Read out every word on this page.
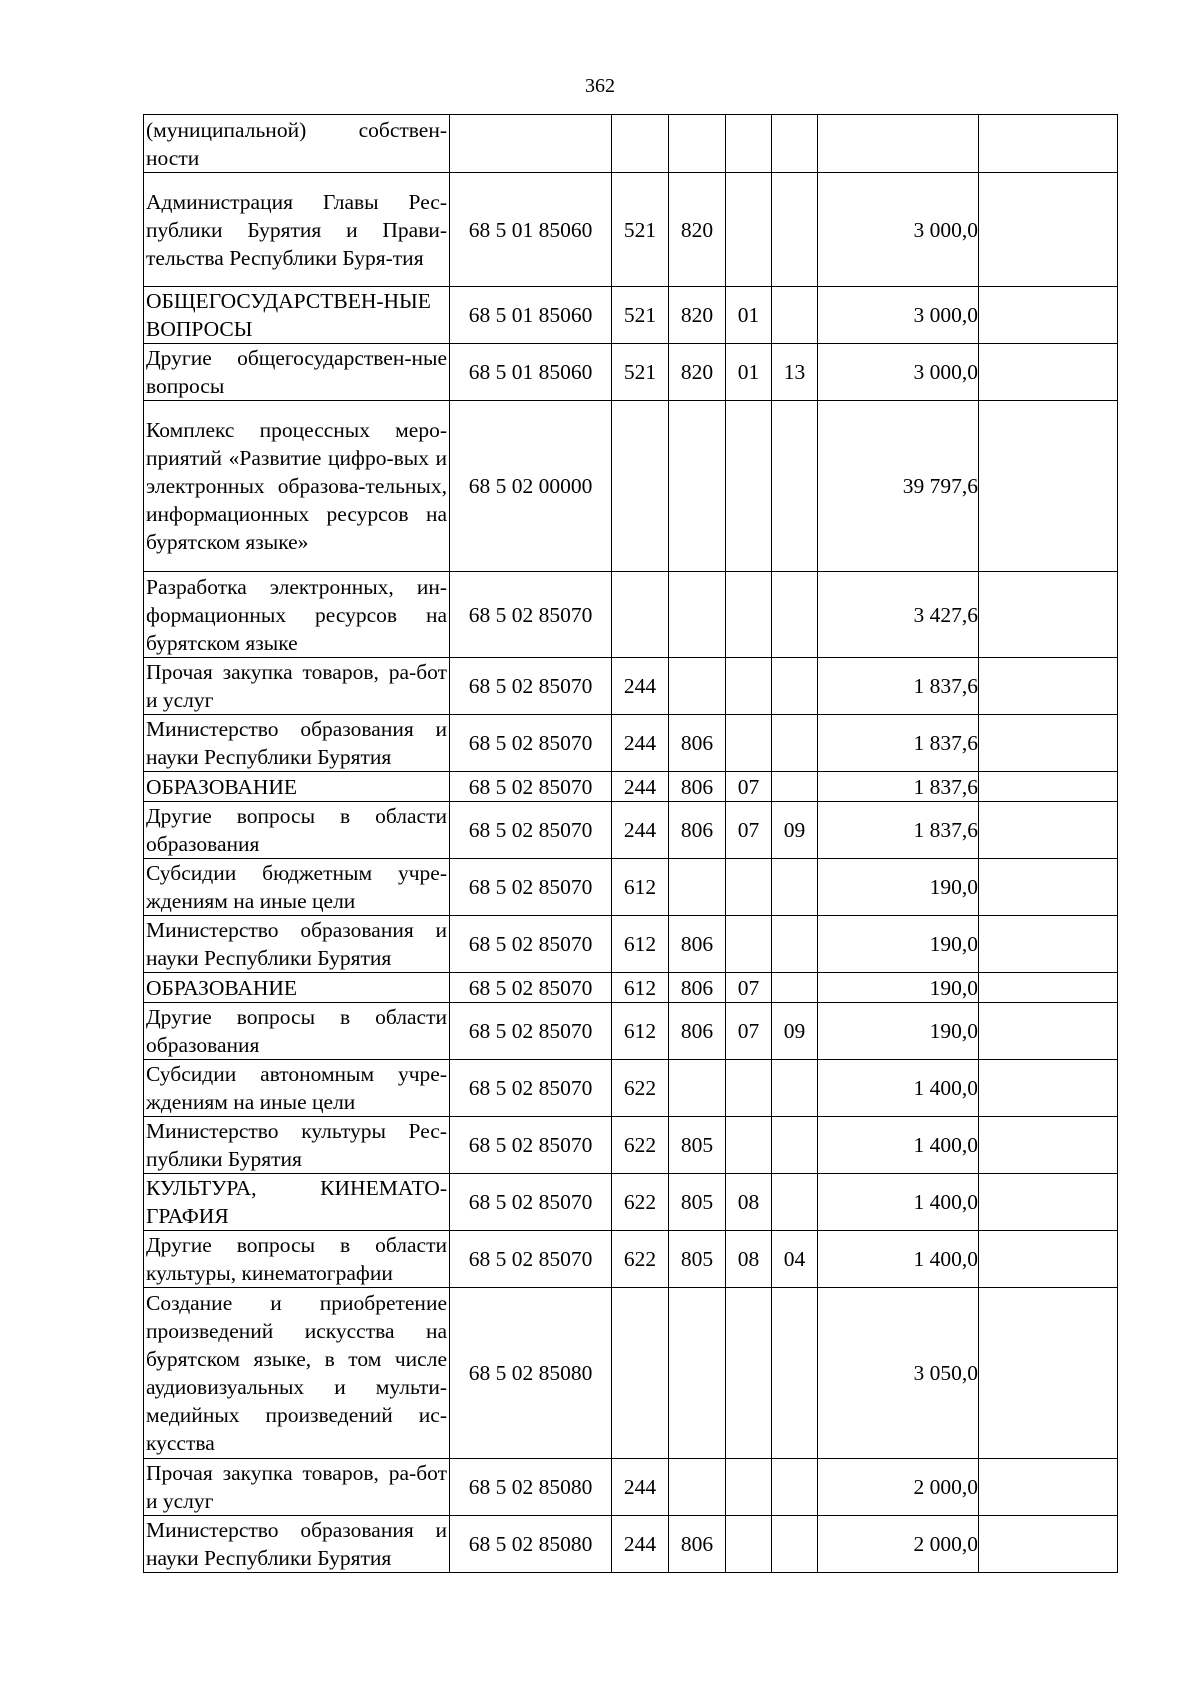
362
(муниципальной) собствен-ности							
Администрация Главы Рес-публики Бурятия и Прави-тельства Республики Буря-тия	68 5 01 85060	521	820			3 000,0	
ОБЩЕГОСУДАРСТВЕН-НЫЕ ВОПРОСЫ	68 5 01 85060	521	820	01		3 000,0	
Другие общегосударствен-ные вопросы	68 5 01 85060	521	820	01	13	3 000,0	
Комплекс процессных меро-приятий «Развитие цифро-вых и электронных образова-тельных, информационных ресурсов на бурятском языке»	68 5 02 00000					39 797,6	
Разработка электронных, ин-формационных ресурсов на бурятском языке	68 5 02 85070					3 427,6	
Прочая закупка товаров, ра-бот и услуг	68 5 02 85070	244				1 837,6	
Министерство образования и науки Республики Бурятия	68 5 02 85070	244	806			1 837,6	
ОБРАЗОВАНИЕ	68 5 02 85070	244	806	07		1 837,6	
Другие вопросы в области образования	68 5 02 85070	244	806	07	09	1 837,6	
Субсидии бюджетным учре-ждениям на иные цели	68 5 02 85070	612				190,0	
Министерство образования и науки Республики Бурятия	68 5 02 85070	612	806			190,0	
ОБРАЗОВАНИЕ	68 5 02 85070	612	806	07		190,0	
Другие вопросы в области образования	68 5 02 85070	612	806	07	09	190,0	
Субсидии автономным учре-ждениям на иные цели	68 5 02 85070	622				1 400,0	
Министерство культуры Рес-публики Бурятия	68 5 02 85070	622	805			1 400,0	
КУЛЬТУРА, КИНЕМАТО-ГРАФИЯ	68 5 02 85070	622	805	08		1 400,0	
Другие вопросы в области культуры, кинематографии	68 5 02 85070	622	805	08	04	1 400,0	
Создание и приобретение произведений искусства на бурятском языке, в том числе аудиовизуальных и мульти-медийных произведений ис-кусства	68 5 02 85080					3 050,0	
Прочая закупка товаров, ра-бот и услуг	68 5 02 85080	244				2 000,0	
Министерство образования и науки Республики Бурятия	68 5 02 85080	244	806			2 000,0	
